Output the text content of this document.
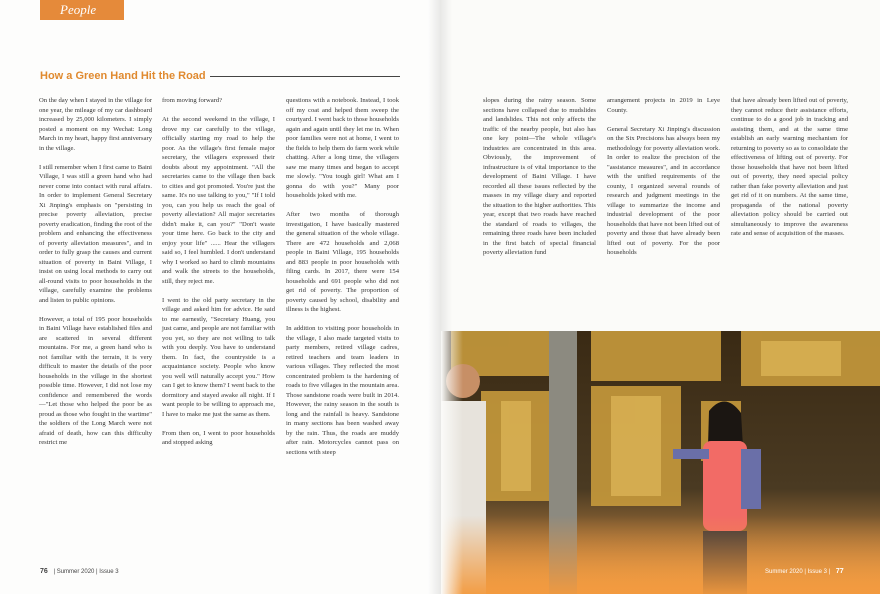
People
How a Green Hand Hit the Road

On the day when I stayed in the village for one year, the mileage of my car dashboard increased by 25,000 kilometers. I simply posted a moment on my Wechat: Long March in my heart, happy first anniversary in the village.

I still remember when I first came to Baini Village, I was still a green hand who had never come into contact with rural affairs. In order to implement General Secretary Xi Jinping's emphasis on "persisting in precise poverty alleviation, precise poverty eradication, finding the root of the problem and enhancing the effectiveness of poverty alleviation measures", and in order to fully grasp the causes and current situation of poverty in Baini Village, I insist on using local methods to carry out all-round visits to poor households in the village, carefully examine the problems and listen to public opinions.

However, a total of 195 poor households in Baini Village have established files and are scattered in several different mountains. For me, a green hand who is not familiar with the terrain, it is very difficult to master the details of the poor households in the village in the shortest possible time. However, I did not lose my confidence and remembered the words —"Let those who helped the poor be as proud as those who fought in the wartime" the soldiers of the Long March were not afraid of death, how can this difficulty restrict me

from moving forward?

At the second weekend in the village, I drove my car carefully to the village, officially starting my road to help the poor. As the village's first female major secretary, the villagers expressed their doubts about my appointment. "All the secretaries came to the village then back to cities and got promoted. You're just the same. It's no use talking to you," "If I told you, can you help us reach the goal of poverty alleviation? All major secretaries didn't make it, can you?" "Don't waste your time here. Go back to the city and enjoy your life" ...... Hear the villagers said so, I feel humbled. I don't understand why I worked so hard to climb mountains and walk the streets to the households, still, they reject me.

I went to the old party secretary in the village and asked him for advice. He said to me earnestly, "Secretary Huang, you just came, and people are not familiar with you yet, so they are not willing to talk with you deeply. You have to understand them. In fact, the countryside is a acquaintance society. People who know you well will naturally accept you." How can I get to know them? I went back to the dormitory and stayed awake all night. If I want people to be willing to approach me, I have to make me just the same as them.

From then on, I went to poor households and stopped asking

questions with a notebook. Instead, I took off my coat and helped them sweep the courtyard. I went back to those households again and again until they let me in. When poor families were not at home, I went to the fields to help them do farm work while chatting. After a long time, the villagers saw me many times and began to accept me slowly. "You tough girl! What am I gonna do with you?" Many poor households joked with me.

After two months of thorough investigation, I have basically mastered the general situation of the whole village. There are 472 households and 2,068 people in Baini Village, 195 households and 883 people in poor households with filing cards. In 2017, there were 154 households and 691 people who did not get rid of poverty. The proportion of poverty caused by school, disability and illness is the highest.

In addition to visiting poor households in the village, I also made targeted visits to party members, retired village cadres, retired teachers and team leaders in various villages. They reflected the most concentrated problem is the hardening of roads to five villages in the mountain area. Those sandstone roads were built in 2014. However, the rainy season in the south is long and the rainfall is heavy. Sandstone in many sections has been washed away by the rain. Thus, the roads are muddy after rain. Motorcycles cannot pass on sections with steep

slopes during the rainy season. Some sections have collapsed due to mudslides and landslides. This not only affects the traffic of the nearby people, but also has one key point—The whole village's industries are concentrated in this area. Obviously, the improvement of infrastructure is of vital importance to the development of Baini Village. I have recorded all these issues reflected by the masses in my village diary and reported the situation to the higher authorities. This year, except that two roads have reached the standard of roads to villages, the remaining three roads have been included in the first batch of special financial poverty alleviation fund

arrangement projects in 2019 in Leye County.

General Secretary Xi Jinping's discussion on the Six Precisions has always been my methodology for poverty alleviation work. In order to realize the precision of the "assistance measures", and in accordance with the unified requirements of the county, I organized several rounds of research and judgment meetings in the village to summarize the income and industrial development of the poor households that have not been lifted out of poverty and those that have already been lifted out of poverty. For the poor households

that have already been lifted out of poverty, they cannot reduce their assistance efforts, continue to do a good job in tracking and assisting them, and at the same time establish an early warning mechanism for returning to poverty so as to consolidate the effectiveness of lifting out of poverty. For those households that have not been lifted out of poverty, they need special policy rather than fake poverty alleviation and just get rid of it on numbers. At the same time, propaganda of the national poverty alleviation policy should be carried out simultaneously to improve the awareness rate and sense of acquisition of the masses.

76 | Summer 2020 | Issue 3	Summer 2020 | Issue 3 | 77
